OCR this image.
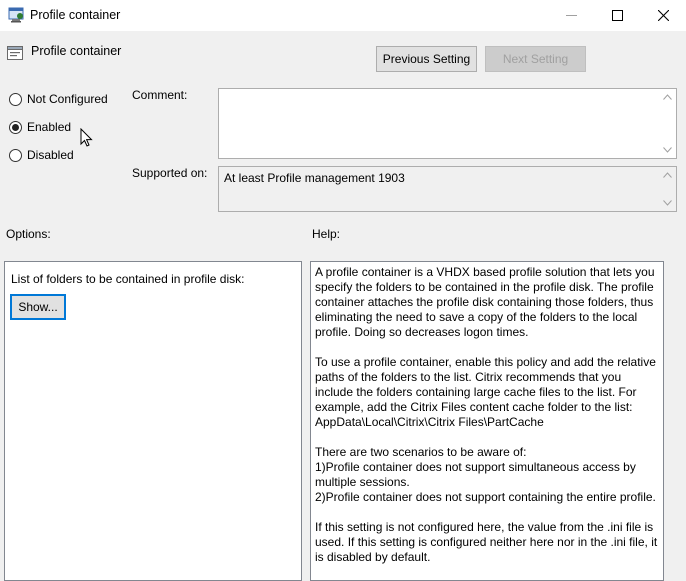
Profile container
Profile container
Previous Setting	Next Setting
Not Configured
Enabled
Disabled
Comment:
Supported on: At least Profile management 1903
Options:	Help:
List of folders to be contained in profile disk:
Show...

A profile container is a VHDX based profile solution that lets you specify the folders to be contained in the profile disk. The profile container attaches the profile disk containing those folders, thus eliminating the need to save a copy of the folders to the local profile. Doing so decreases logon times.

To use a profile container, enable this policy and add the relative paths of the folders to the list. Citrix recommends that you include the folders containing large cache files to the list. For example, add the Citrix Files content cache folder to the list: AppData\Local\Citrix\Citrix Files\PartCache

There are two scenarios to be aware of:
1)Profile container does not support simultaneous access by multiple sessions.
2)Profile container does not support containing the entire profile.

If this setting is not configured here, the value from the .ini file is used. If this setting is configured neither here nor in the .ini file, it is disabled by default.
